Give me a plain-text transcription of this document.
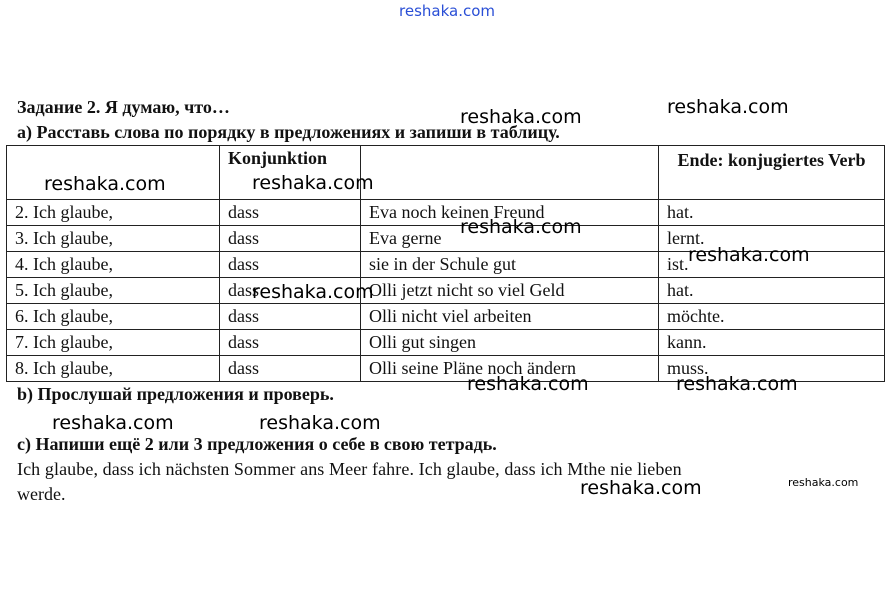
reshaka.com
Задание 2. Я думаю, что…
a) Расставь слова по порядку в предложениях и запиши в таблицу.
	Konjunktion		Ende: konjugiertes Verb
2. Ich glaube,	dass	Eva noch keinen Freund	hat.
3. Ich glaube,	dass	Eva gerne	lernt.
4. Ich glaube,	dass	sie in der Schule gut	ist.
5. Ich glaube,	dass	Olli jetzt nicht so viel Geld	hat.
6. Ich glaube,	dass	Olli nicht viel arbeiten	möchte.
7. Ich glaube,	dass	Olli gut singen	kann.
8. Ich glaube,	dass	Olli seine Pläne noch ändern	muss.
b) Прослушай предложения и проверь.
c) Напиши ещё 2 или 3 предложения о себе в свою тетрадь.
Ich glaube, dass ich nächsten Sommer ans Meer fahre. Ich glaube, dass ich Mthe nie lieben
werde.
reshaka.com	reshaka.com
reshaka.com	reshaka.com
reshaka.com
reshaka.com
reshaka.com
reshaka.com	reshaka.com
reshaka.com	reshaka.com
reshaka.com	reshaka.com
